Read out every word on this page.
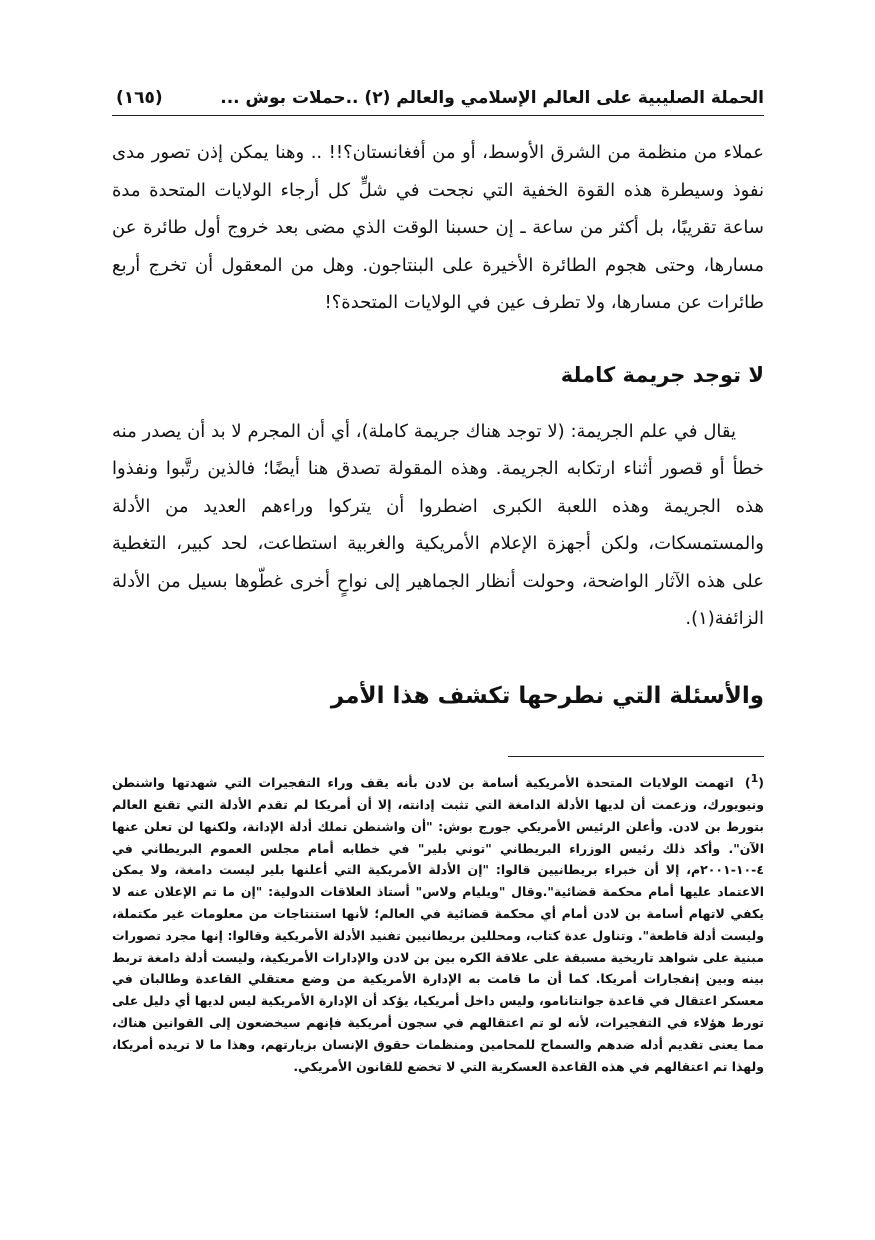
الحملة الصليبية على العالم الإسلامي والعالم (٢) ..حملات بوش ...
(١٦٥)

عملاء من منظمة من الشرق الأوسط، أو من أفغانستان؟!! .. وهنا يمكن إذن تصور مدى نفوذ وسيطرة هذه القوة الخفية التي نجحت في شلٍّ كل أرجاء الولايات المتحدة مدة ساعة تقريبًا، بل أكثر من ساعة ـ إن حسبنا الوقت الذي مضى بعد خروج أول طائرة عن مسارها، وحتى هجوم الطائرة الأخيرة على البنتاجون. وهل من المعقول أن تخرج أربع طائرات عن مسارها، ولا تطرف عين في الولايات المتحدة؟!

لا توجد جريمة كاملة

يقال في علم الجريمة: (لا توجد هناك جريمة كاملة)، أي أن المجرم لا بد أن يصدر منه خطأ أو قصور أثناء ارتكابه الجريمة. وهذه المقولة تصدق هنا أيضًا؛ فالذين رتَّبوا ونفذوا هذه الجريمة وهذه اللعبة الكبرى اضطروا أن يتركوا وراءهم العديد من الأدلة والمستمسكات، ولكن أجهزة الإعلام الأمريكية والغربية استطاعت، لحد كبير، التغطية على هذه الآثار الواضحة، وحولت أنظار الجماهير إلى نواحٍ أخرى غطّوها بسيل من الأدلة الزائفة(١).

والأسئلة التي نطرحها تكشف هذا الأمر

($^1$) اتهمت الولايات المتحدة الأمريكية أسامة بن لادن بأنه يقف وراء التفجيرات التي شهدتها واشنطن ونيويورك، وزعمت أن لديها الأدلة الدامغة التي تثبت إدانته، إلا أن أمريكا لم تقدم الأدلة التي تقنع العالم بتورط بن لادن. وأعلن الرئيس الأمريكي جورج بوش: "أن واشنطن تملك أدلة الإدانة، ولكنها لن تعلن عنها الآن". وأكد ذلك رئيس الوزراء البريطاني "توني بلير" في خطابه أمام مجلس العموم البريطاني في ٤-١٠-٢٠٠١م، إلا أن خبراء بريطانيين قالوا: "إن الأدلة الأمريكية التي أعلنها بلير ليست دامغة، ولا يمكن الاعتماد عليها أمام محكمة قضائية".وقال "ويليام ولاس" أستاذ العلاقات الدولية: "إن ما تم الإعلان عنه لا يكفي لاتهام أسامة بن لادن أمام أي محكمة قضائية في العالم؛ لأنها استنتاجات من معلومات غير مكتملة، وليست أدلة قاطعة". وتناول عدة كتاب، ومحللين بريطانيين تفنيد الأدلة الأمريكية وقالوا: إنها مجرد تصورات مبنية على شواهد تاريخية مسبقة على علاقة الكره بين بن لادن والإدارات الأمريكية، وليست أدلة دامغة تربط بينه وبين إنفجارات أمريكا. كما أن ما قامت به الإدارة الأمريكية من وضع معتقلي القاعدة وطالبان في معسكر اعتقال في قاعدة جوانتانامو، وليس داخل أمريكيا، يؤكد أن الإدارة الأمريكية ليس لديها أي دليل على تورط هؤلاء في التفجيرات، لأنه لو تم اعتقالهم في سجون أمريكية فإنهم سيخضعون إلى القوانين هناك، مما يعنى تقديم أدله ضدهم والسماح للمحامين ومنظمات حقوق الإنسان بزيارتهم، وهذا ما لا تريده أمريكا، ولهذا تم اعتقالهم في هذه القاعدة العسكرية التي لا تخضع للقانون الأمريكي.
